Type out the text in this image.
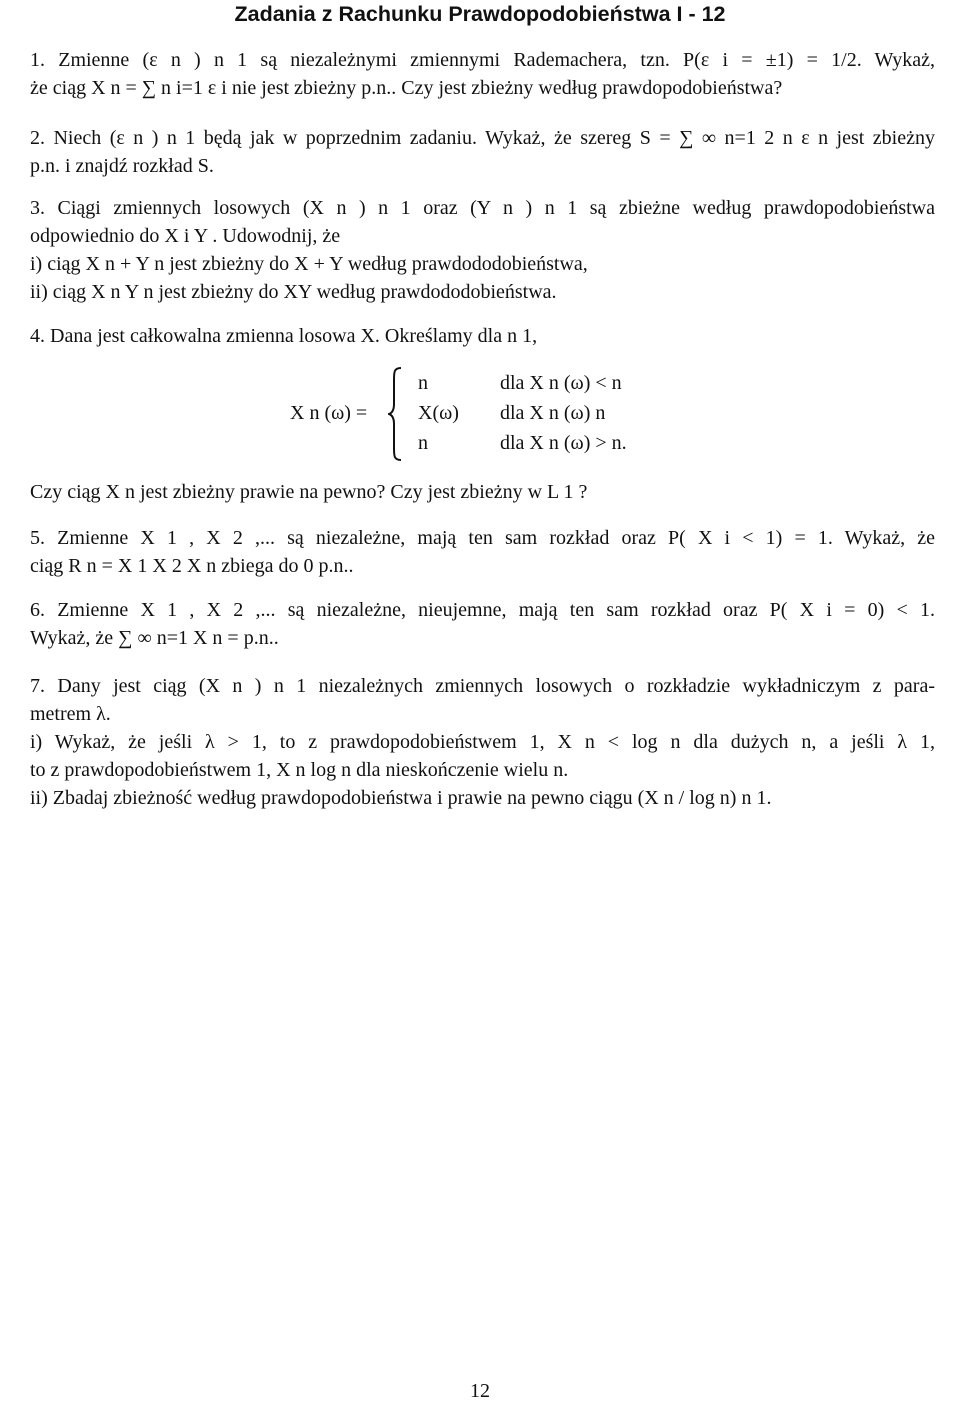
Zadania z Rachunku Prawdopodobieństwa I - 12
1. Zmienne (ε n ) n 1 są niezależnymi zmiennymi Rademachera, tzn. P(ε i = ±1) = 1/2. Wykaż,
że ciąg X n = ∑ n i=1 ε i nie jest zbieżny p.n.. Czy jest zbieżny według prawdopodobieństwa?
2. Niech (ε n ) n 1 będą jak w poprzednim zadaniu. Wykaż, że szereg S = ∑ ∞ n=1 2 n ε n jest zbieżny
p.n. i znajdź rozkład S.
3. Ciągi zmiennych losowych (X n ) n 1 oraz (Y n ) n 1 są zbieżne według prawdopodobieństwa
odpowiednio do X i Y . Udowodnij, że
i) ciąg X n + Y n jest zbieżny do X + Y według prawdododobieństwa,
ii) ciąg X n Y n jest zbieżny do XY według prawdododobieństwa.
4. Dana jest całkowalna zmienna losowa X. Określamy dla n 1,
X n (ω) =
n	dla X n (ω) < n
X(ω) dla X n (ω) n
n	dla X n (ω) > n.
Czy ciąg X n jest zbieżny prawie na pewno? Czy jest zbieżny w L 1 ?
5. Zmienne X 1 , X 2 ,... są niezależne, mają ten sam rozkład oraz P( X i < 1) = 1. Wykaż, że
ciąg R n = X 1 X 2 X n zbiega do 0 p.n..
6. Zmienne X 1 , X 2 ,... są niezależne, nieujemne, mają ten sam rozkład oraz P( X i = 0) < 1.
Wykaż, że ∑ ∞ n=1 X n = p.n..
7. Dany jest ciąg (X n ) n 1 niezależnych zmiennych losowych o rozkładzie wykładniczym z para-
metrem λ.
i) Wykaż, że jeśli λ > 1, to z prawdopodobieństwem 1, X n < log n dla dużych n, a jeśli λ 1,
to z prawdopodobieństwem 1, X n log n dla nieskończenie wielu n.
ii) Zbadaj zbieżność według prawdopodobieństwa i prawie na pewno ciągu (X n / log n) n 1.
12
